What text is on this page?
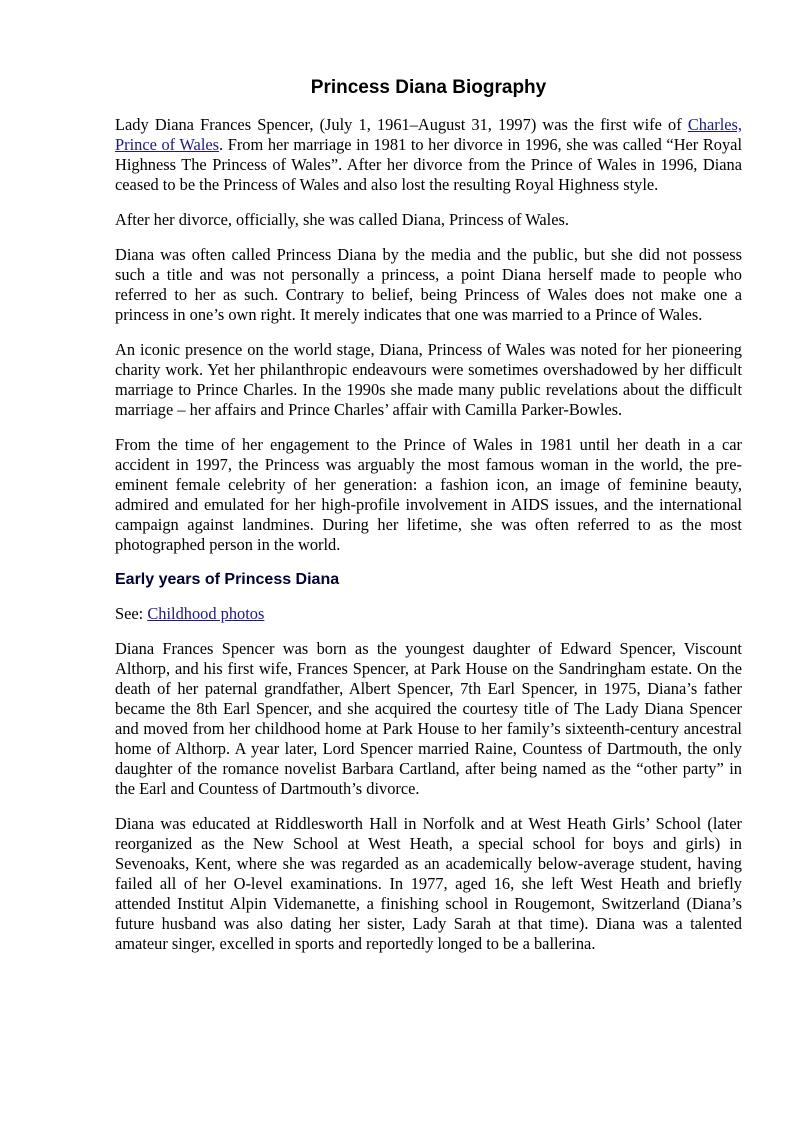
Princess Diana Biography

Lady Diana Frances Spencer, (July 1, 1961–August 31, 1997) was the first wife of Charles, Prince of Wales. From her marriage in 1981 to her divorce in 1996, she was called “Her Royal Highness The Princess of Wales”. After her divorce from the Prince of Wales in 1996, Diana ceased to be the Princess of Wales and also lost the resulting Royal Highness style.

After her divorce, officially, she was called Diana, Princess of Wales.

Diana was often called Princess Diana by the media and the public, but she did not possess such a title and was not personally a princess, a point Diana herself made to people who referred to her as such. Contrary to belief, being Princess of Wales does not make one a princess in one’s own right. It merely indicates that one was married to a Prince of Wales.

An iconic presence on the world stage, Diana, Princess of Wales was noted for her pioneering charity work. Yet her philanthropic endeavours were sometimes overshadowed by her difficult marriage to Prince Charles. In the 1990s she made many public revelations about the difficult marriage – her affairs and Prince Charles’ affair with Camilla Parker-Bowles.

From the time of her engagement to the Prince of Wales in 1981 until her death in a car accident in 1997, the Princess was arguably the most famous woman in the world, the pre-eminent female celebrity of her generation: a fashion icon, an image of feminine beauty, admired and emulated for her high-profile involvement in AIDS issues, and the international campaign against landmines. During her lifetime, she was often referred to as the most photographed person in the world.

Early years of Princess Diana

See: Childhood photos

Diana Frances Spencer was born as the youngest daughter of Edward Spencer, Viscount Althorp, and his first wife, Frances Spencer, at Park House on the Sandringham estate. On the death of her paternal grandfather, Albert Spencer, 7th Earl Spencer, in 1975, Diana’s father became the 8th Earl Spencer, and she acquired the courtesy title of The Lady Diana Spencer and moved from her childhood home at Park House to her family’s sixteenth-century ancestral home of Althorp. A year later, Lord Spencer married Raine, Countess of Dartmouth, the only daughter of the romance novelist Barbara Cartland, after being named as the “other party” in the Earl and Countess of Dartmouth’s divorce.

Diana was educated at Riddlesworth Hall in Norfolk and at West Heath Girls’ School (later reorganized as the New School at West Heath, a special school for boys and girls) in Sevenoaks, Kent, where she was regarded as an academically below-average student, having failed all of her O-level examinations. In 1977, aged 16, she left West Heath and briefly attended Institut Alpin Videmanette, a finishing school in Rougemont, Switzerland (Diana’s future husband was also dating her sister, Lady Sarah at that time). Diana was a talented amateur singer, excelled in sports and reportedly longed to be a ballerina.
